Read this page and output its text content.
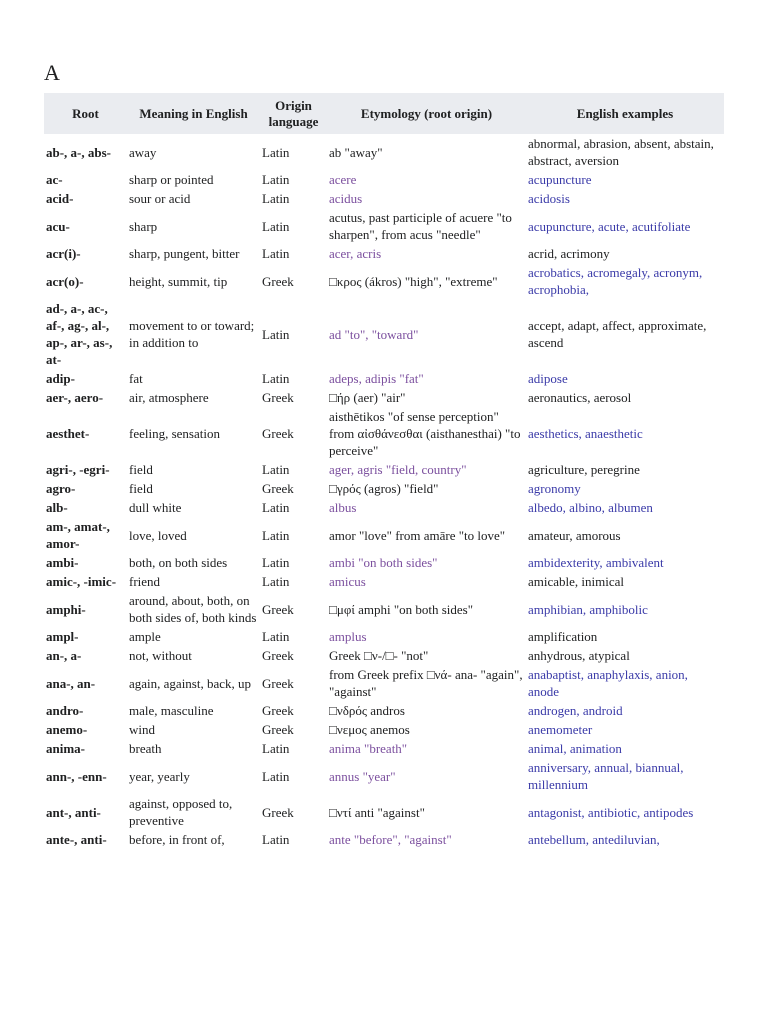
A
Root	Meaning in English	Origin language	Etymology (root origin)	English examples
ab-, a-, abs-	away	Latin	ab "away"	abnormal, abrasion, absent, abstain, abstract, aversion
ac-	sharp or pointed	Latin	acere	acupuncture
acid-	sour or acid	Latin	acidus	acidosis
acu-	sharp	Latin	acutus, past participle of acuere "to sharpen", from acus "needle"	acupuncture, acute, acutifoliate
acr(i)-	sharp, pungent, bitter	Latin	acer, acris	acrid, acrimony
acr(o)-	height, summit, tip	Greek	□κρος (ákros) "high", "extreme"	acrobatics, acromegaly, acronym, acrophobia,
ad-, a-, ac-, af-, ag-, al-, ap-, ar-, as-, at-	movement to or toward; in addition to	Latin	ad "to", "toward"	accept, adapt, affect, approximate, ascend
adip-	fat	Latin	adeps, adipis "fat"	adipose
aer-, aero-	air, atmosphere	Greek	□ήρ (aer) "air"	aeronautics, aerosol
aesthet-	feeling, sensation	Greek	aisthētikos "of sense perception" from αἰσθάνεσθαι (aisthanesthai) "to perceive"	aesthetics, anaesthetic
agri-, -egri-	field	Latin	ager, agris "field, country"	agriculture, peregrine
agro-	field	Greek	□γρός (agros) "field"	agronomy
alb-	dull white	Latin	albus	albedo, albino, albumen
am-, amat-, amor-	love, loved	Latin	amor "love" from amāre "to love"	amateur, amorous
ambi-	both, on both sides	Latin	ambi "on both sides"	ambidexterity, ambivalent
amic-, -imic-	friend	Latin	amicus	amicable, inimical
amphi-	around, about, both, on both sides of, both kinds	Greek	□μφί amphi "on both sides"	amphibian, amphibolic
ampl-	ample	Latin	amplus	amplification
an-, a-	not, without	Greek	Greek □ν-/□- "not"	anhydrous, atypical
ana-, an-	again, against, back, up	Greek	from Greek prefix □νά- ana- "again", "against"	anabaptist, anaphylaxis, anion, anode
andro-	male, masculine	Greek	□νδρός andros	androgen, android
anemo-	wind	Greek	□νεμος anemos	anemometer
anima-	breath	Latin	anima "breath"	animal, animation
ann-, -enn-	year, yearly	Latin	annus "year"	anniversary, annual, biannual, millennium
ant-, anti-	against, opposed to, preventive	Greek	□ντί anti "against"	antagonist, antibiotic, antipodes
ante-, anti-	before, in front of,	Latin	ante "before", "against"	antebellum, antediluvian,
